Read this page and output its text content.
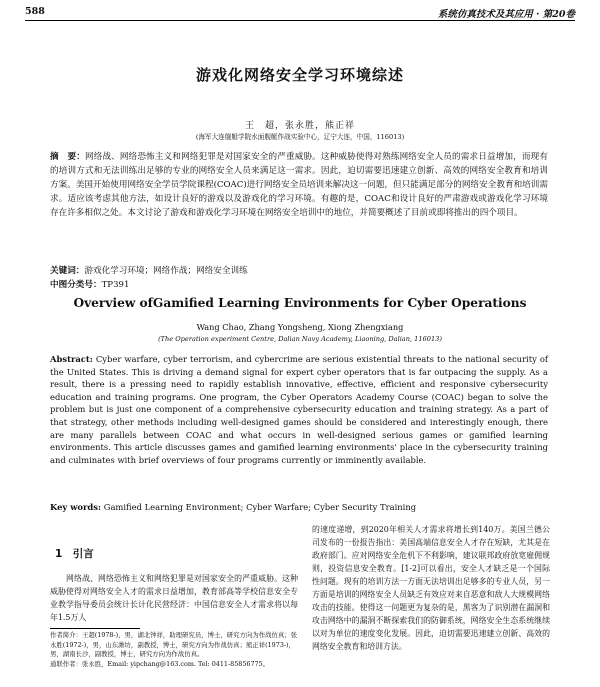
588	系统仿真技术及其应用 · 第20卷
游戏化网络安全学习环境综述
王　超，张永胜，熊正祥
(海军大连舰艇学院水面舰艇作战实验中心，辽宁大连，中国，116013)

摘　要：网络战、网络恐怖主义和网络犯罪是对国家安全的严重威胁。这种威胁使得对熟练网络安全人员的需求日益增加，而现有的培训方式和无法训练出足够的专业的网络安全人员来满足这一需求。因此，迫切需要迅速建立创新、高效的网络安全教育和培训方案。美国开始使用网络安全学员学院课程(COAC)进行网络安全员培训来解决这一问题，但只能满足部分的网络安全教育和培训需求。适应该考虑其他方法，如设计良好的游戏以及游戏化的学习环境。有趣的是，COAC和设计良好的严肃游戏或游戏化学习环境存在许多相似之处。本文讨论了游戏和游戏化学习环境在网络安全培训中的地位，并简要概述了目前或即将推出的四个项目。

关键词：游戏化学习环境；网络作战；网络安全训练
中图分类号：TP391
Overview ofGamified Learning Environments for Cyber Operations
Wang Chao, Zhang Yongsheng, Xiong Zhengxiang
(The Operation experiment Centre, Dalian Navy Academy, Liaoning, Dalian, 116013)

Abstract: Cyber warfare, cyber terrorism, and cybercrime are serious existential threats to the national security of the United States. This is driving a demand signal for expert cyber operators that is far outpacing the supply. As a result, there is a pressing need to rapidly establish innovative, effective, efficient and responsive cybersecurity education and training programs. One program, the Cyber Operators Academy Course (COAC) began to solve the problem but is just one component of a comprehensive cybersecurity education and training strategy. As a part of that strategy, other methods including well-designed games should be considered and interestingly enough, there are many parallels between COAC and what occurs in well-designed serious games or gamified learning environments. This article discusses games and gamified learning environments' place in the cybersecurity training and culminates with brief overviews of four programs currently or imminently available.

Key words: Gamified Learning Environment; Cyber Warfare; Cyber Security Training

的速度递增，到2020年相关人才需求将增长到140万。美国兰德公司发布的一份报告指出：美国高端信息安全人才存在短缺，尤其是在政府部门。应对网络安全危机下不利影响，建议联邦政府放宽雇佣规则，投资信息安全教育。[1-2]可以看出，安全人才缺乏是一个国际性问题。现有的培训方法一方面无法培训出足够多的专业人员，另一方面是培训的网络安全人员缺乏有效应对来自恶意和敌人大规模网络攻击的技能。使得这一问题更为复杂的是，黑客为了识别潜在漏洞和攻击网络中的漏洞不断探索我们的防御系统，网络安全生态系统继续以对为单位的速度变化发展。因此，迫切需要迅速建立创新、高效的网络安全教育和培训方法。

1　引言

网络战、网络恐怖主义和网络犯罪是对国家安全的严重威胁。这种威胁使得对网络安全人才的需求日益增加，教育部高等学校信息安全专业教学指导委员会统计长计化民营经济：中国信息安全人才需求将以每年1.5万人

作者简介：王超(1978-)，男，湖北钟祥，助理研究员，博士，研究方向为作战仿真；张永胜(1972-)，男，山东潍坊，副教授，博士，研究方向为作战仿真；熊正祥(1973-)，男，湖南长沙，副教授，博士，研究方向为作战仿真。
通联作者：张永胜，Email: yipchang@163.com. Tel: 0411-85856775。
